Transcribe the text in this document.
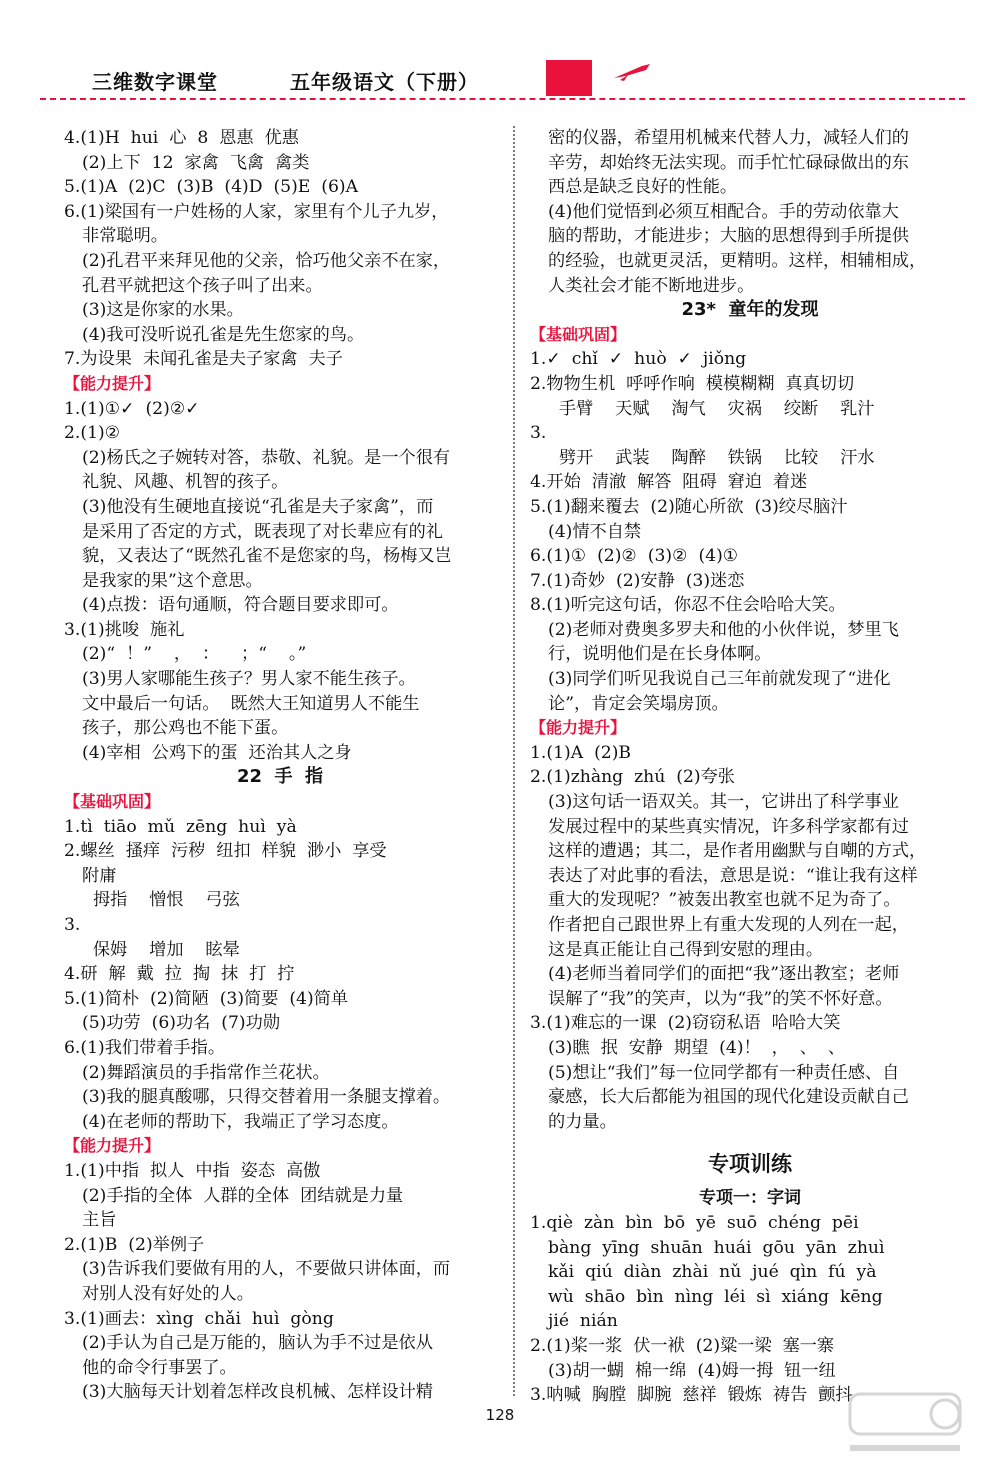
三维数字课堂	五年级语文（下册）
4.(1)H  hui  心  8  恩惠  优惠
(2)上下  12  家禽  飞禽  禽类
5.(1)A  (2)C  (3)B  (4)D  (5)E  (6)A
6.(1)梁国有一户姓杨的人家，家里有个儿子九岁，
非常聪明。
(2)孔君平来拜见他的父亲，恰巧他父亲不在家，
孔君平就把这个孩子叫了出来。
(3)这是你家的水果。
(4)我可没听说孔雀是先生您家的鸟。
7.为设果  未闻孔雀是夫子家禽  夫子
【能力提升】
1.(1)①✓  (2)②✓
2.(1)②
(2)杨氏之子婉转对答，恭敬、礼貌。是一个很有
礼貌、风趣、机智的孩子。
(3)他没有生硬地直接说“孔雀是夫子家禽”，而
是采用了否定的方式，既表现了对长辈应有的礼
貌，又表达了“既然孔雀不是您家的鸟，杨梅又岂
是我家的果”这个意思。
(4)点拨：语句通顺，符合题目要求即可。
3.(1)挑唆  施礼
(2)“  ！”    ，  ：    ；“    。”
(3)男人家哪能生孩子？男人家不能生孩子。
文中最后一句话。  既然大王知道男人不能生
孩子，那公鸡也不能下蛋。
(4)宰相  公鸡下的蛋  还治其人之身
22  手  指
【基础巩固】
1.tì  tiāo  mǔ  zēng  huì  yà
2.螺丝  搔痒  污秽  纽扣  样貌  渺小  享受
附庸
拇指    憎恨    弓弦
3.
保姆    增加    眩晕
4.研  解  戴  拉  掏  抹  打  拧
5.(1)简朴  (2)简陋  (3)简要  (4)简单
(5)功劳  (6)功名  (7)功勋
6.(1)我们带着手指。
(2)舞蹈演员的手指常作兰花状。
(3)我的腿真酸哪，只得交替着用一条腿支撑着。
(4)在老师的帮助下，我端正了学习态度。
【能力提升】
1.(1)中指  拟人  中指  姿态  高傲
(2)手指的全体  人群的全体  团结就是力量
主旨
2.(1)B  (2)举例子
(3)告诉我们要做有用的人，不要做只讲体面，而
对别人没有好处的人。
3.(1)画去：xìng  chǎi  huì  gòng
(2)手认为自己是万能的，脑认为手不过是依从
他的命令行事罢了。
(3)大脑每天计划着怎样改良机械、怎样设计精
密的仪器，希望用机械来代替人力，减轻人们的
辛劳，却始终无法实现。而手忙忙碌碌做出的东
西总是缺乏良好的性能。
(4)他们觉悟到必须互相配合。手的劳动依靠大
脑的帮助，才能进步；大脑的思想得到手所提供
的经验，也就更灵活，更精明。这样，相辅相成，
人类社会才能不断地进步。
23*  童年的发现
【基础巩固】
1.✓  chǐ  ✓  huò  ✓  jiǒng
2.物物生机  呼呼作响  模模糊糊  真真切切
手臂    天赋    淘气    灾祸    绞断    乳汁
3.
劈开    武装    陶醉    铁锅    比较    汗水
4.开始  清澈  解答  阻碍  窘迫  着迷
5.(1)翻来覆去  (2)随心所欲  (3)绞尽脑汁
(4)情不自禁
6.(1)①  (2)②  (3)②  (4)①
7.(1)奇妙  (2)安静  (3)迷恋
8.(1)听完这句话，你忍不住会哈哈大笑。
(2)老师对费奥多罗夫和他的小伙伴说，梦里飞
行，说明他们是在长身体啊。
(3)同学们听见我说自己三年前就发现了“进化
论”，肯定会笑塌房顶。
【能力提升】
1.(1)A  (2)B
2.(1)zhàng  zhú  (2)夸张
(3)这句话一语双关。其一，它讲出了科学事业
发展过程中的某些真实情况，许多科学家都有过
这样的遭遇；其二，是作者用幽默与自嘲的方式，
表达了对此事的看法，意思是说：“谁让我有这样
重大的发现呢？”被轰出教室也就不足为奇了。
作者把自己跟世界上有重大发现的人列在一起，
这是真正能让自己得到安慰的理由。
(4)老师当着同学们的面把“我”逐出教室；老师
误解了“我”的笑声，以为“我”的笑不怀好意。
3.(1)难忘的一课  (2)窃窃私语  哈哈大笑
(3)瞧  抿  安静  期望  (4)！  ，  、  、
(5)想让“我们”每一位同学都有一种责任感、自
豪感，长大后都能为祖国的现代化建设贡献自己
的力量。
专项训练
专项一：字词
1.qiè  zàn  bìn  bō  yē  suō  chéng  pēi
bàng  yīng  shuān  huái  gōu  yān  zhuì
kǎi  qiú  diàn  zhài  nǔ  jué  qìn  fú  yà
wù  shāo  bìn  nìng  léi  sì  xiáng  kēng
jié  nián
2.(1)桨一浆  伏一袱  (2)粱一梁  塞一寨
(3)胡一蝴  棉一绵  (4)姆一拇  钮一纽
3.呐喊  胸膛  脚腕  慈祥  锻炼  祷告  颤抖
128
